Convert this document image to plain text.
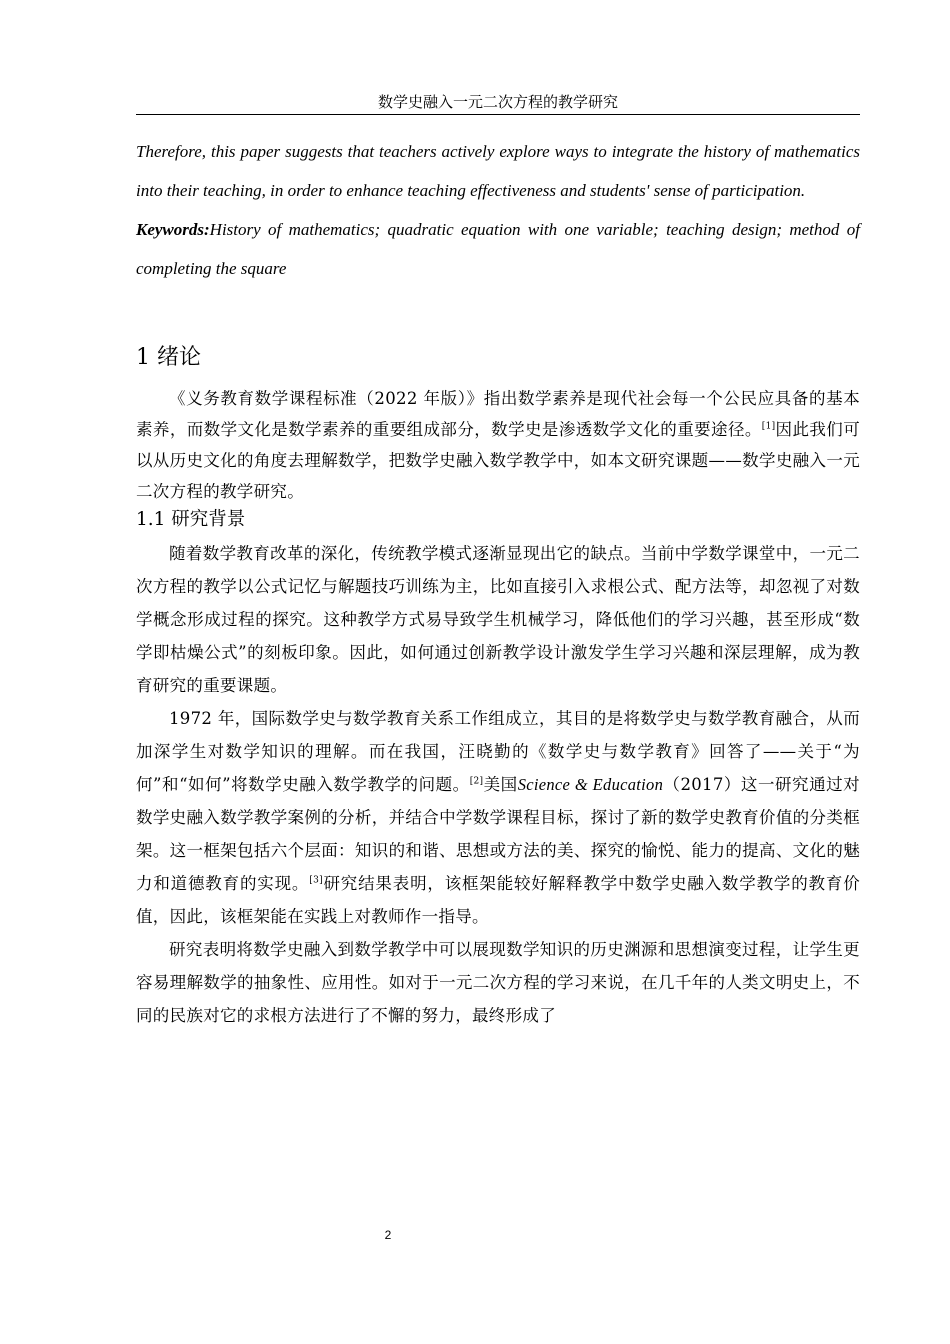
数学史融入一元二次方程的教学研究

Therefore, this paper suggests that teachers actively explore ways to integrate the history of mathematics into their teaching, in order to enhance teaching effectiveness and students' sense of participation.

Keywords:History of mathematics; quadratic equation with one variable; teaching design; method of completing the square

1 绪论

《义务教育数学课程标准（2022 年版）》指出数学素养是现代社会每一个公民应具备的基本素养，而数学文化是数学素养的重要组成部分，数学史是渗透数学文化的重要途径。[1]因此我们可以从历史文化的角度去理解数学，把数学史融入数学教学中，如本文研究课题——数学史融入一元二次方程的教学研究。

1.1 研究背景

随着数学教育改革的深化，传统教学模式逐渐显现出它的缺点。当前中学数学课堂中，一元二次方程的教学以公式记忆与解题技巧训练为主，比如直接引入求根公式、配方法等，却忽视了对数学概念形成过程的探究。这种教学方式易导致学生机械学习，降低他们的学习兴趣，甚至形成“数学即枯燥公式”的刻板印象。因此，如何通过创新教学设计激发学生学习兴趣和深层理解，成为教育研究的重要课题。

1972 年，国际数学史与数学教育关系工作组成立，其目的是将数学史与数学教育融合，从而加深学生对数学知识的理解。而在我国，汪晓勤的《数学史与数学教育》回答了——关于“为何”和“如何”将数学史融入数学教学的问题。[2]美国Science & Education（2017）这一研究通过对数学史融入数学教学案例的分析，并结合中学数学课程目标，探讨了新的数学史教育价值的分类框架。这一框架包括六个层面：知识的和谐、思想或方法的美、探究的愉悦、能力的提高、文化的魅力和道德教育的实现。[3]研究结果表明，该框架能较好解释教学中数学史融入数学教学的教育价值，因此，该框架能在实践上对教师作一指导。

研究表明将数学史融入到数学教学中可以展现数学知识的历史渊源和思想演变过程，让学生更容易理解数学的抽象性、应用性。如对于一元二次方程的学习来说，在几千年的人类文明史上，不同的民族对它的求根方法进行了不懈的努力，最终形成了

2
